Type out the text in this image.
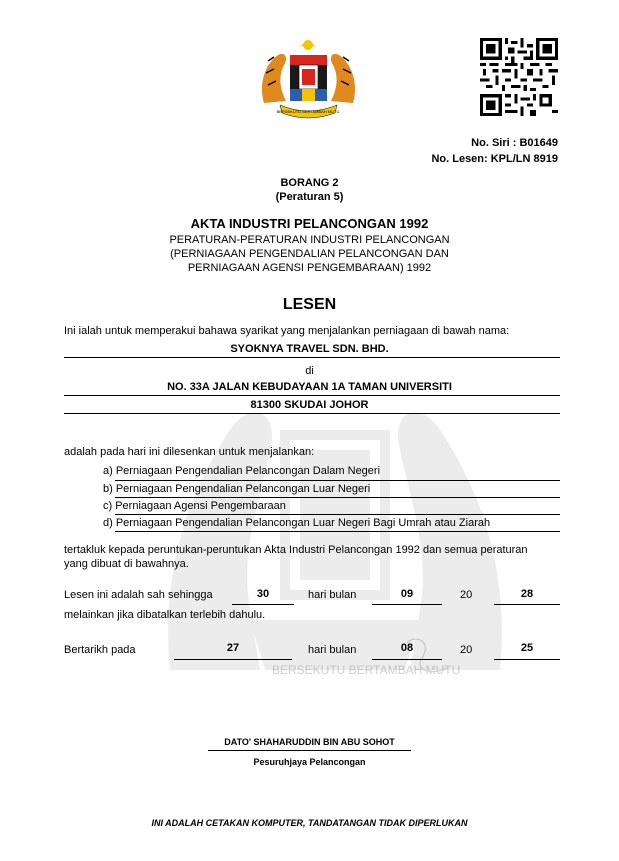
BERSEKUTU BERTAMBAH MUTU
No. Siri : B01649
No. Lesen: KPL/LN 8919
BORANG 2
(Peraturan 5)
AKTA INDUSTRI PELANCONGAN 1992
PERATURAN-PERATURAN INDUSTRI PELANCONGAN
(PERNIAGAAN PENGENDALIAN PELANCONGAN DAN
PERNIAGAAN AGENSI PENGEMBARAAN) 1992
LESEN
Ini ialah untuk memperakui bahawa syarikat yang menjalankan perniagaan di bawah nama:
SYOKNYA TRAVEL SDN. BHD.
di
NO. 33A JALAN KEBUDAYAAN 1A TAMAN UNIVERSITI
81300 SKUDAI JOHOR
adalah pada hari ini dilesenkan untuk menjalankan:
a) Perniagaan Pengendalian Pelancongan Dalam Negeri
b) Perniagaan Pengendalian Pelancongan Luar Negeri
c) Perniagaan Agensi Pengembaraan
d) Perniagaan Pengendalian Pelancongan Luar Negeri Bagi Umrah atau Ziarah
tertakluk kepada peruntukan-peruntukan Akta Industri Pelancongan 1992 dan semua peraturan
yang dibuat di bawahnya.
Lesen ini adalah sah sehingga	30	hari bulan	09	20	28
melainkan jika dibatalkan terlebih dahulu.
BERSEKUTU BERTAMBAH MUTU
Bertarikh pada	27	hari bulan	08	20	25
DATO' SHAHARUDDIN BIN ABU SOHOT
Pesuruhjaya Pelancongan
INI ADALAH CETAKAN KOMPUTER, TANDATANGAN TIDAK DIPERLUKAN
